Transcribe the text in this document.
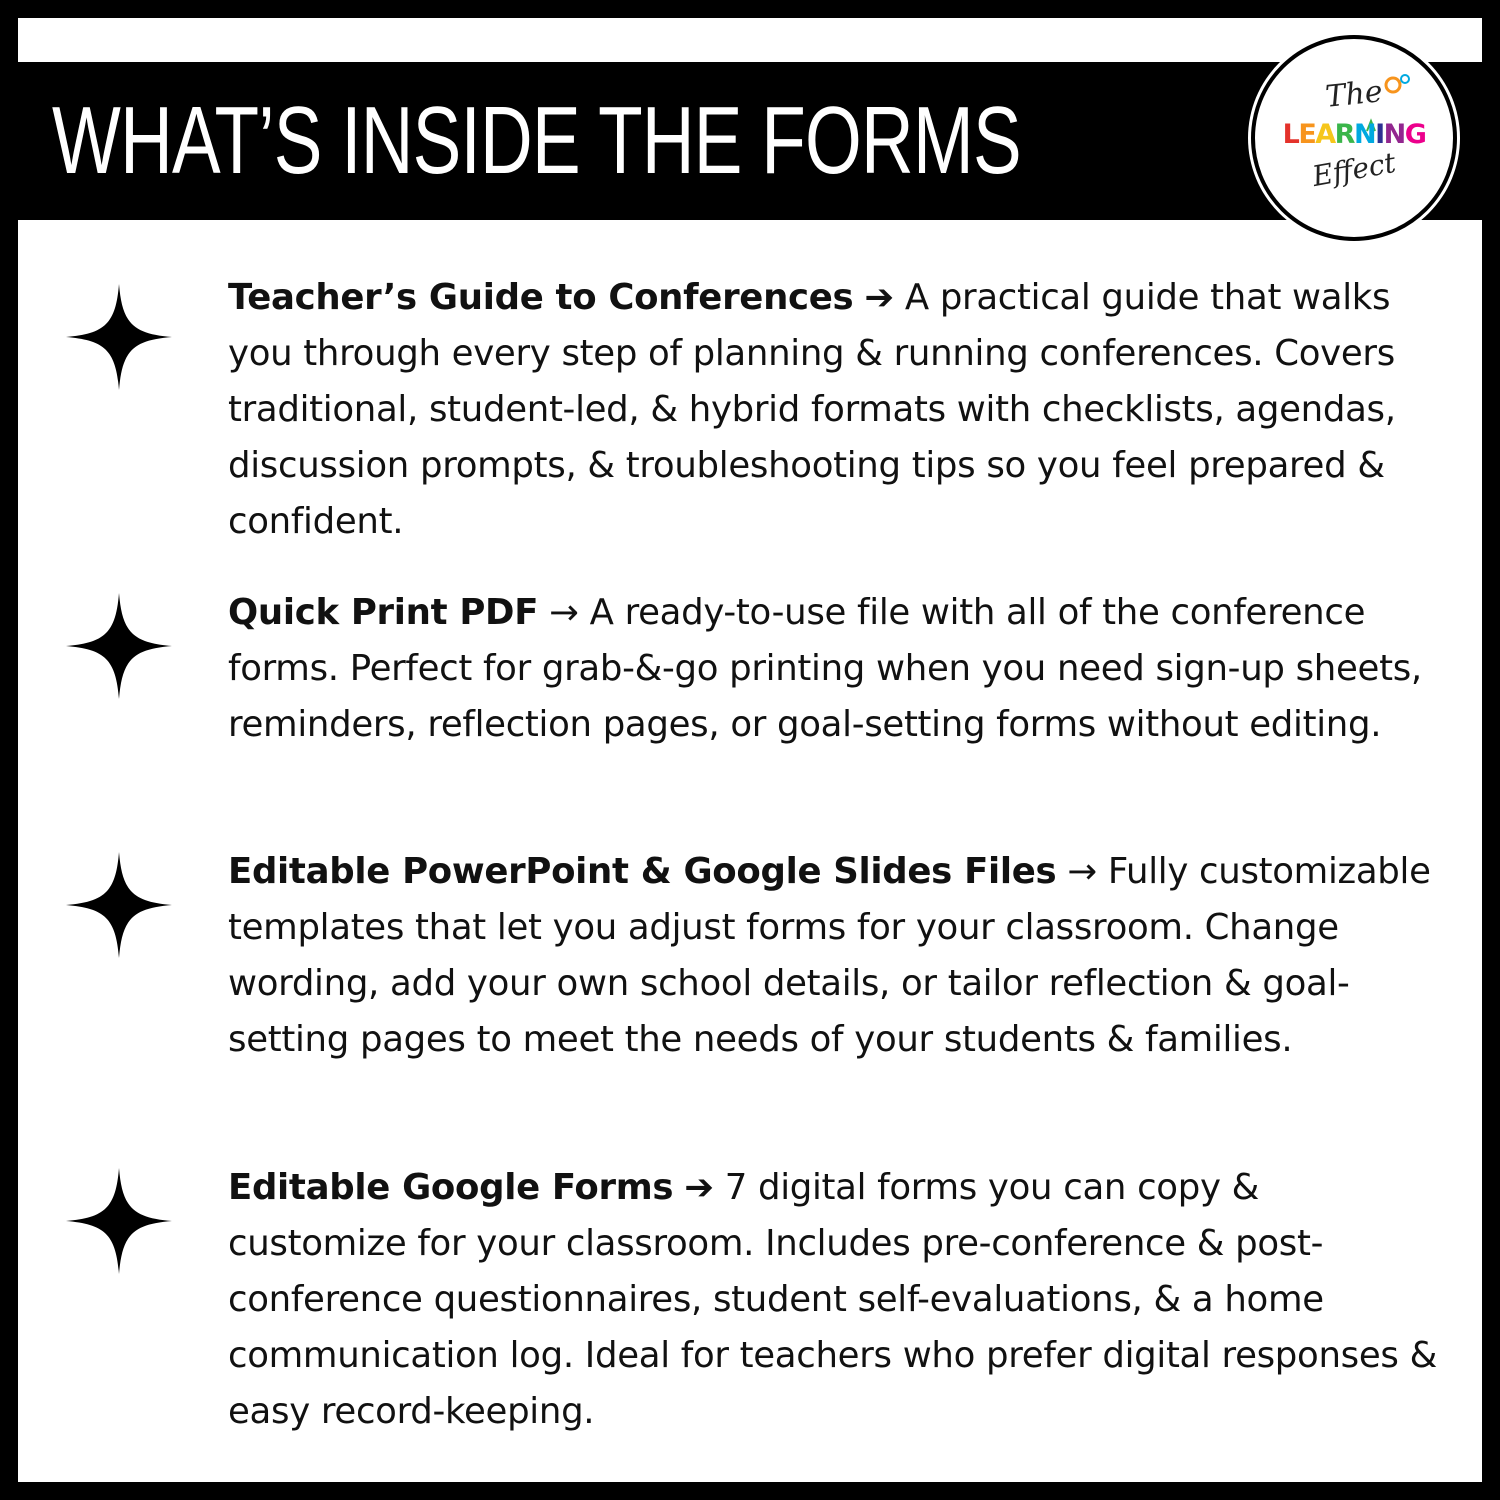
WHAT’S INSIDE THE FORMS	The
LEARNING
Effect

Teacher’s Guide to Conferences ➔ A practical guide that walks you through every step of planning & running conferences. Covers traditional, student-led, & hybrid formats with checklists, agendas, discussion prompts, & troubleshooting tips so you feel prepared & confident.

Quick Print PDF → A ready-to-use file with all of the conference forms. Perfect for grab-&-go printing when you need sign-up sheets, reminders, reflection pages, or goal-setting forms without editing.

Editable PowerPoint & Google Slides Files → Fully customizable templates that let you adjust forms for your classroom. Change wording, add your own school details, or tailor reflection & goal-setting pages to meet the needs of your students & families.

Editable Google Forms ➔ 7 digital forms you can copy & customize for your classroom. Includes pre-conference & post-conference questionnaires, student self-evaluations, & a home communication log. Ideal for teachers who prefer digital responses & easy record-keeping.
